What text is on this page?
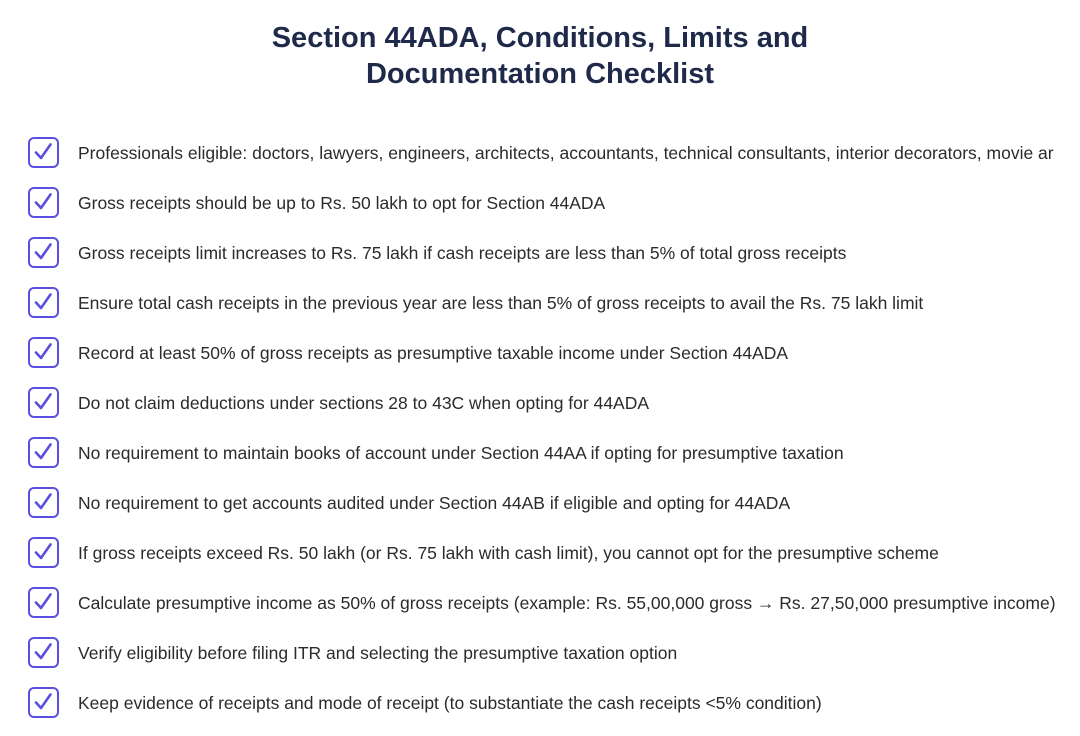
Section 44ADA, Conditions, Limits and
Documentation Checklist
Professionals eligible: doctors, lawyers, engineers, architects, accountants, technical consultants, interior decorators, movie ar
Gross receipts should be up to Rs. 50 lakh to opt for Section 44ADA
Gross receipts limit increases to Rs. 75 lakh if cash receipts are less than 5% of total gross receipts
Ensure total cash receipts in the previous year are less than 5% of gross receipts to avail the Rs. 75 lakh limit
Record at least 50% of gross receipts as presumptive taxable income under Section 44ADA
Do not claim deductions under sections 28 to 43C when opting for 44ADA
No requirement to maintain books of account under Section 44AA if opting for presumptive taxation
No requirement to get accounts audited under Section 44AB if eligible and opting for 44ADA
If gross receipts exceed Rs. 50 lakh (or Rs. 75 lakh with cash limit), you cannot opt for the presumptive scheme
Calculate presumptive income as 50% of gross receipts (example: Rs. 55,00,000 gross → Rs. 27,50,000 presumptive income)
Verify eligibility before filing ITR and selecting the presumptive taxation option
Keep evidence of receipts and mode of receipt (to substantiate the cash receipts <5% condition)
